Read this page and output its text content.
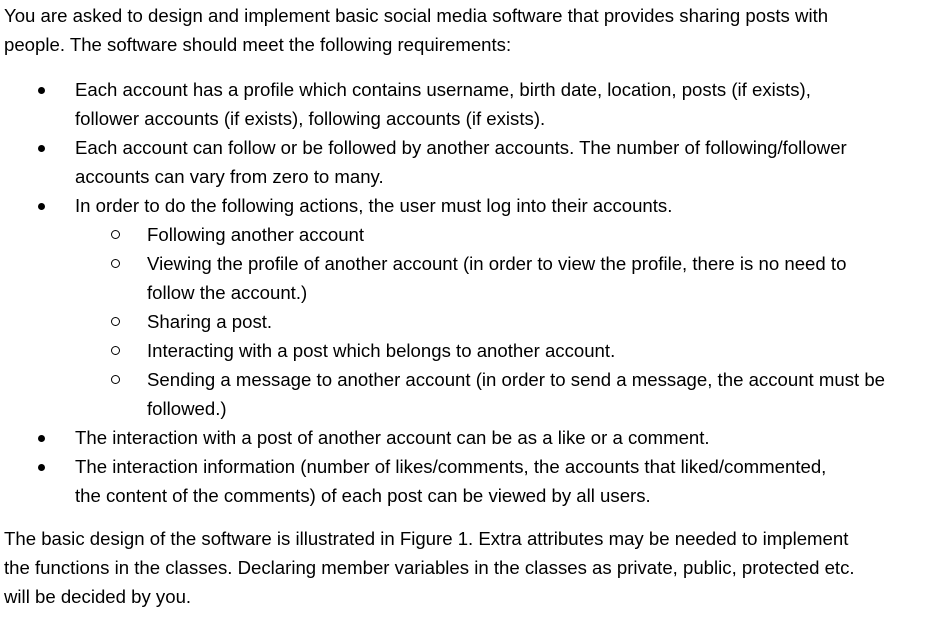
You are asked to design and implement basic social media software that provides sharing posts with
people. The software should meet the following requirements:

Each account has a profile which contains username, birth date, location, posts (if exists),
follower accounts (if exists), following accounts (if exists).
Each account can follow or be followed by another accounts. The number of following/follower
accounts can vary from zero to many.
In order to do the following actions, the user must log into their accounts.
Following another account
Viewing the profile of another account (in order to view the profile, there is no need to
follow the account.)
Sharing a post.
Interacting with a post which belongs to another account.
Sending a message to another account (in order to send a message, the account must be
followed.)
The interaction with a post of another account can be as a like or a comment.
The interaction information (number of likes/comments, the accounts that liked/commented,
the content of the comments) of each post can be viewed by all users.

The basic design of the software is illustrated in Figure 1. Extra attributes may be needed to implement
the functions in the classes. Declaring member variables in the classes as private, public, protected etc.
will be decided by you.
